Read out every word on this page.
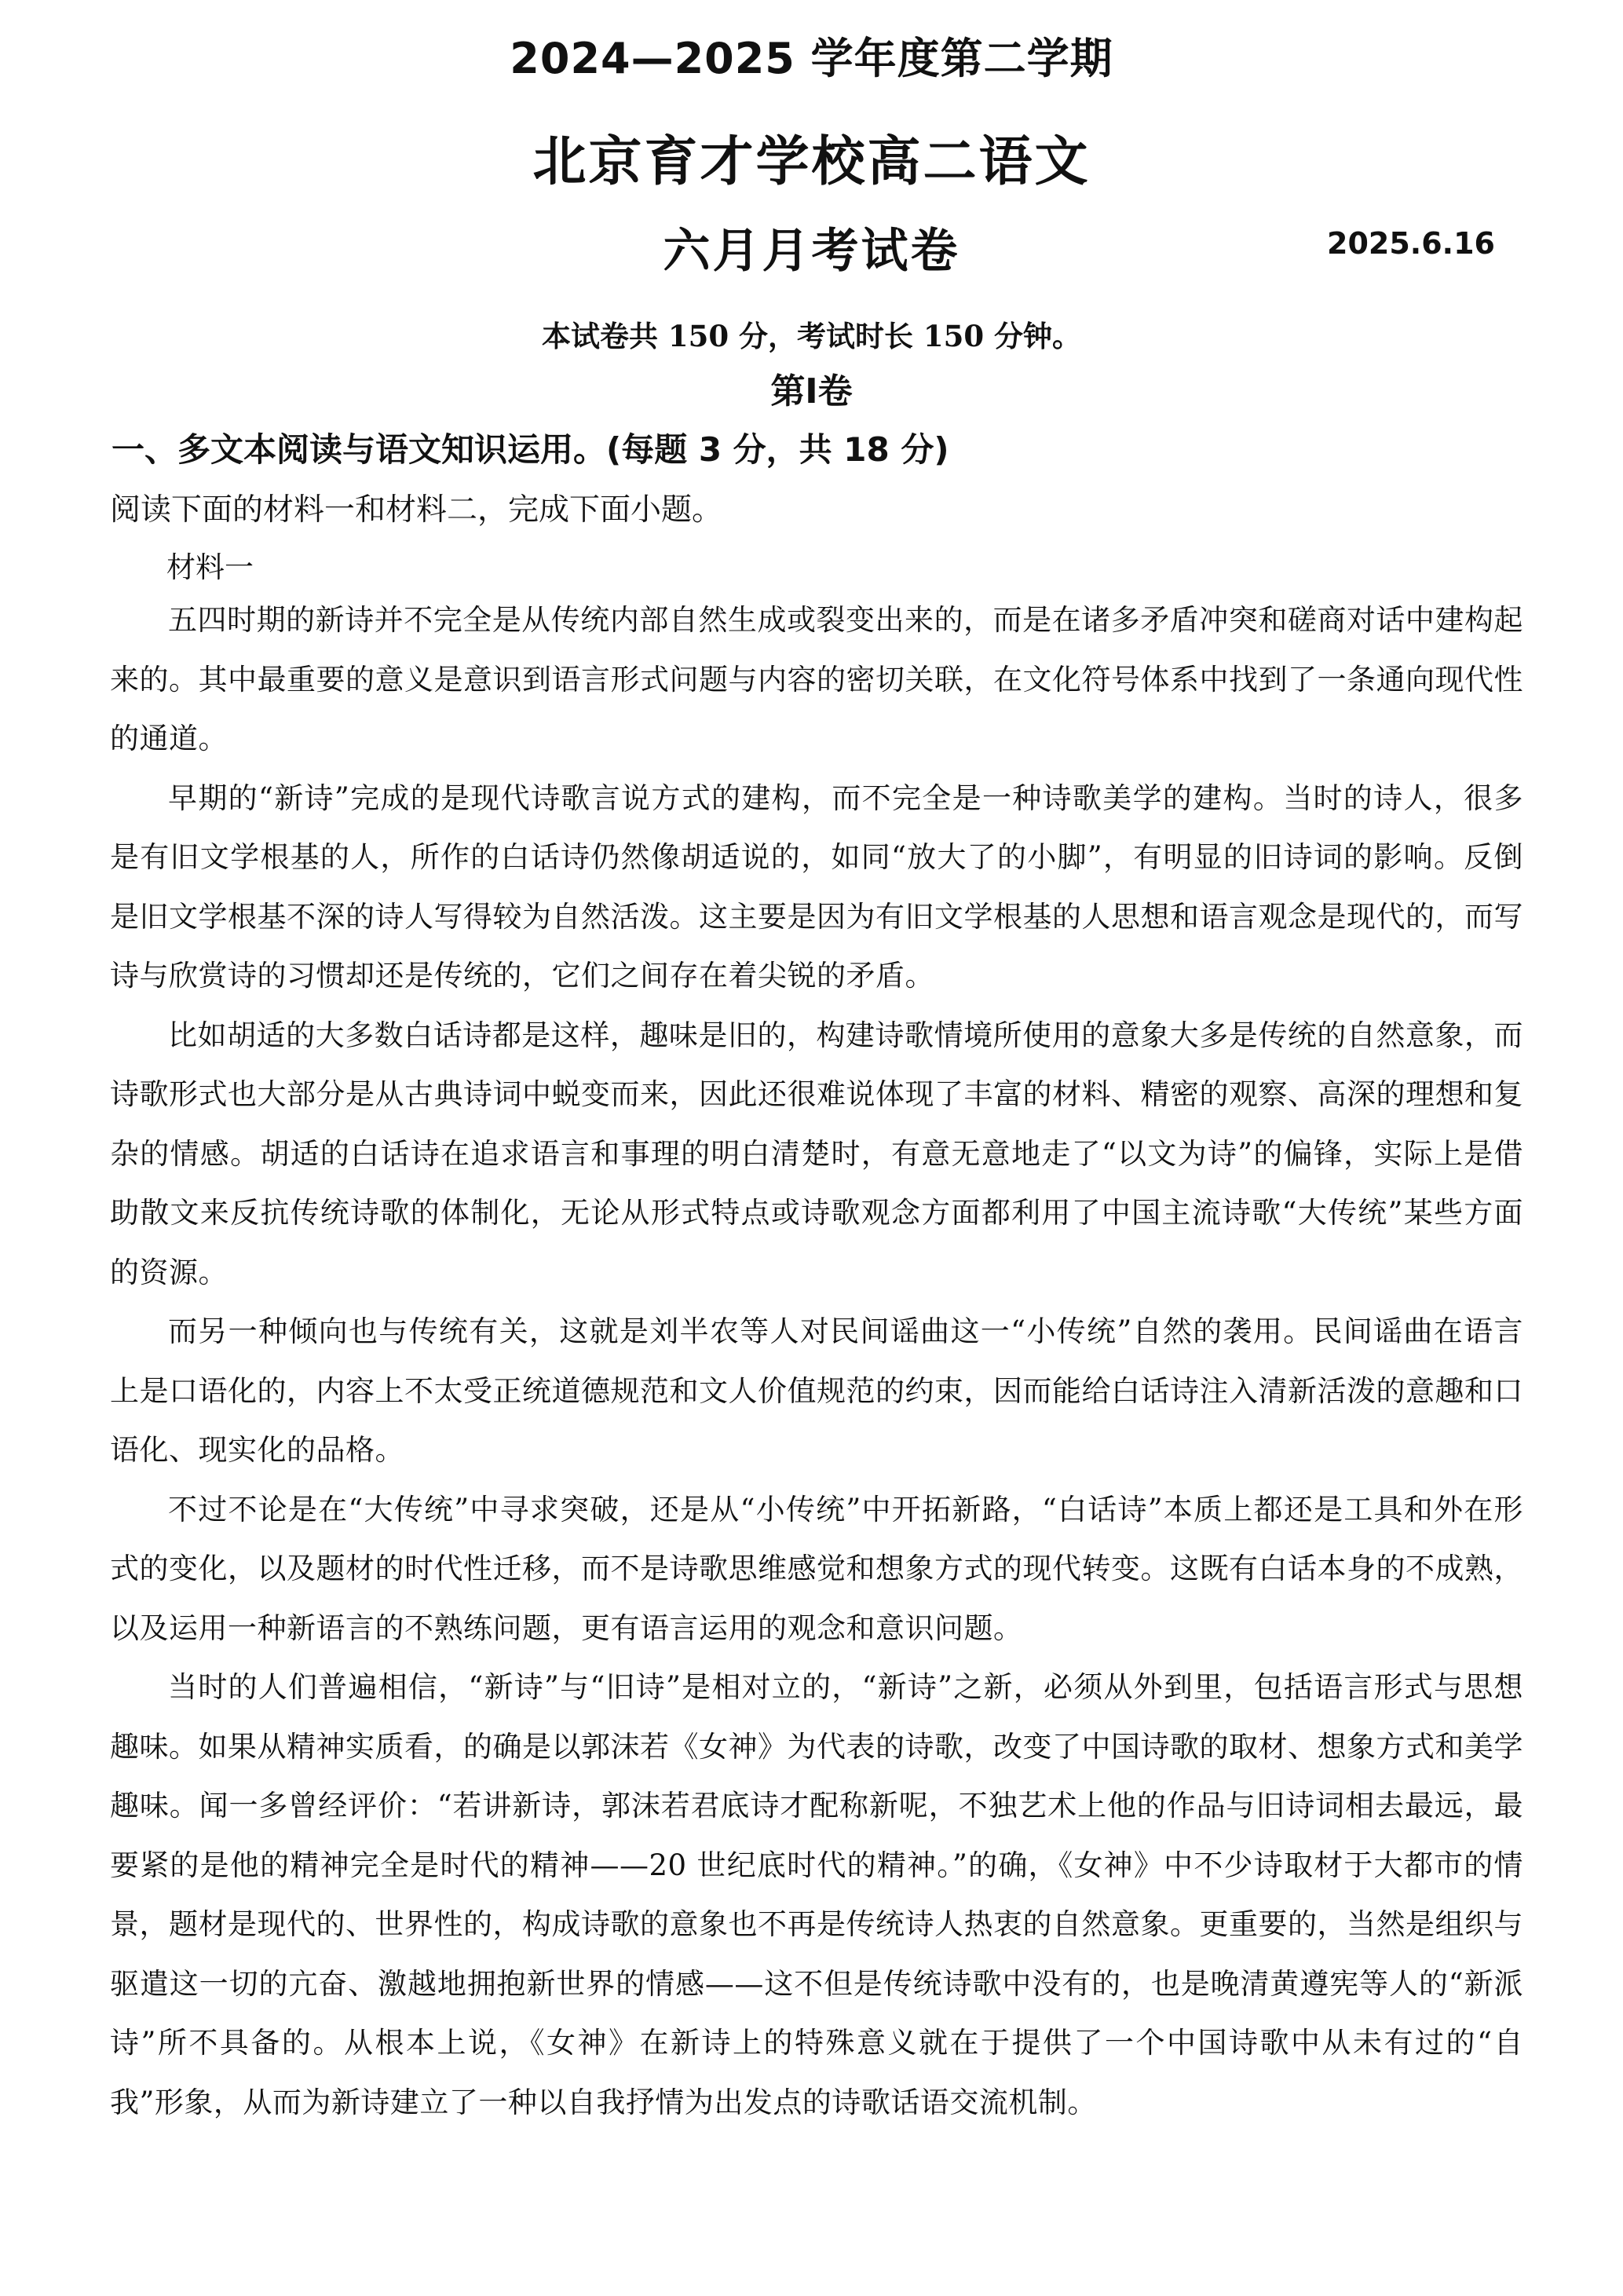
2024—2025 学年度第二学期
北京育才学校高二语文
六月月考试卷	2025.6.16
本试卷共 150 分，考试时长 150 分钟。
第Ⅰ卷
一、多文本阅读与语文知识运用。(每题 3 分，共 18 分)
阅读下面的材料一和材料二，完成下面小题。
材料一

五四时期的新诗并不完全是从传统内部自然生成或裂变出来的，而是在诸多矛盾冲突和磋商对话中建构起来的。其中最重要的意义是意识到语言形式问题与内容的密切关联，在文化符号体系中找到了一条通向现代性的通道。

早期的“新诗”完成的是现代诗歌言说方式的建构，而不完全是一种诗歌美学的建构。当时的诗人，很多是有旧文学根基的人，所作的白话诗仍然像胡适说的，如同“放大了的小脚”，有明显的旧诗词的影响。反倒是旧文学根基不深的诗人写得较为自然活泼。这主要是因为有旧文学根基的人思想和语言观念是现代的，而写诗与欣赏诗的习惯却还是传统的，它们之间存在着尖锐的矛盾。

比如胡适的大多数白话诗都是这样，趣味是旧的，构建诗歌情境所使用的意象大多是传统的自然意象，而诗歌形式也大部分是从古典诗词中蜕变而来，因此还很难说体现了丰富的材料、精密的观察、高深的理想和复杂的情感。胡适的白话诗在追求语言和事理的明白清楚时，有意无意地走了“以文为诗”的偏锋，实际上是借助散文来反抗传统诗歌的体制化，无论从形式特点或诗歌观念方面都利用了中国主流诗歌“大传统”某些方面的资源。

而另一种倾向也与传统有关，这就是刘半农等人对民间谣曲这一“小传统”自然的袭用。民间谣曲在语言上是口语化的，内容上不太受正统道德规范和文人价值规范的约束，因而能给白话诗注入清新活泼的意趣和口语化、现实化的品格。

不过不论是在“大传统”中寻求突破，还是从“小传统”中开拓新路，“白话诗”本质上都还是工具和外在形式的变化，以及题材的时代性迁移，而不是诗歌思维感觉和想象方式的现代转变。这既有白话本身的不成熟，以及运用一种新语言的不熟练问题，更有语言运用的观念和意识问题。

当时的人们普遍相信，“新诗”与“旧诗”是相对立的，“新诗”之新，必须从外到里，包括语言形式与思想趣味。如果从精神实质看，的确是以郭沫若《女神》为代表的诗歌，改变了中国诗歌的取材、想象方式和美学趣味。闻一多曾经评价：“若讲新诗，郭沫若君底诗才配称新呢，不独艺术上他的作品与旧诗词相去最远，最要紧的是他的精神完全是时代的精神——20 世纪底时代的精神。”的确，《女神》中不少诗取材于大都市的情景，题材是现代的、世界性的，构成诗歌的意象也不再是传统诗人热衷的自然意象。更重要的，当然是组织与驱遣这一切的亢奋、激越地拥抱新世界的情感——这不但是传统诗歌中没有的，也是晚清黄遵宪等人的“新派诗”所不具备的。从根本上说，《女神》在新诗上的特殊意义就在于提供了一个中国诗歌中从未有过的“自我”形象，从而为新诗建立了一种以自我抒情为出发点的诗歌话语交流机制。
